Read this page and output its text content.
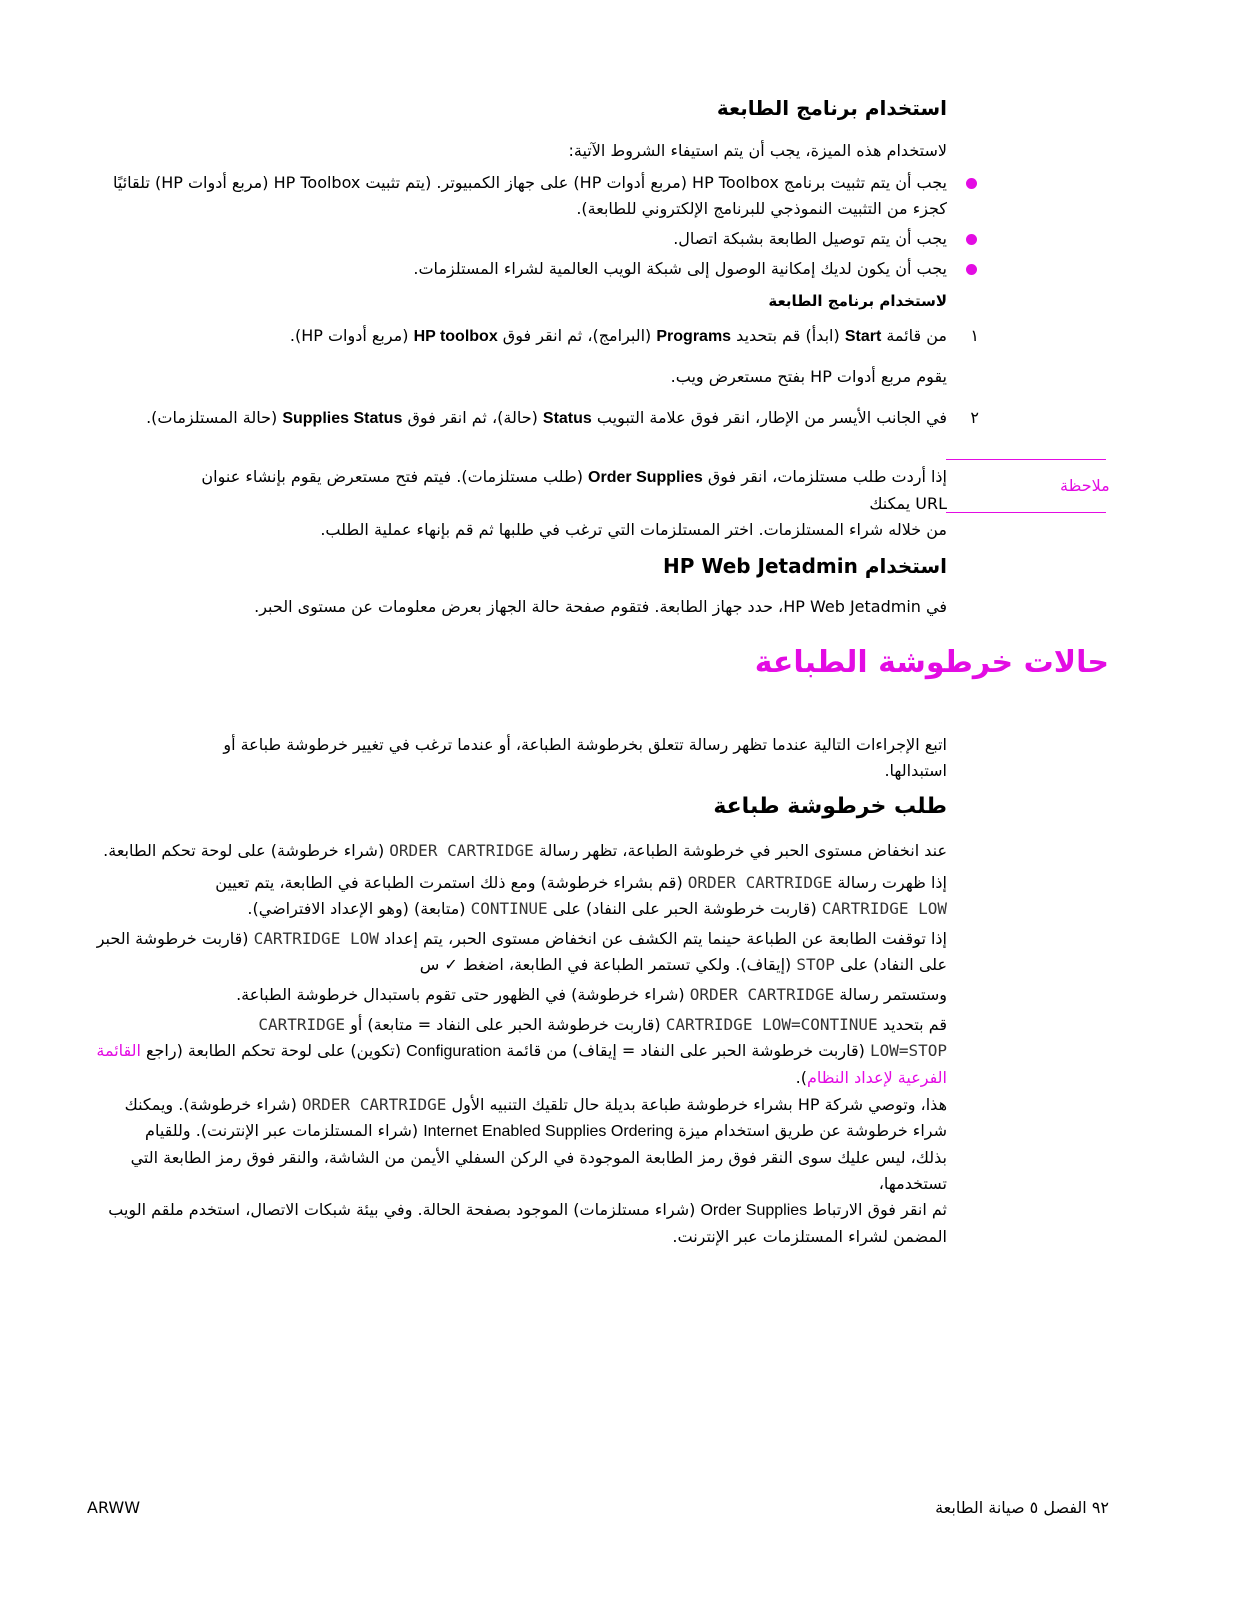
استخدام برنامج الطابعة

لاستخدام هذه الميزة، يجب أن يتم استيفاء الشروط الآتية:

يجب أن يتم تثبيت برنامج HP Toolbox (مربع أدوات HP) على جهاز الكمبيوتر. (يتم تثبيت HP Toolbox (مربع أدوات HP) تلقائيًا كجزء من التثبيت النموذجي للبرنامج الإلكتروني للطابعة).

يجب أن يتم توصيل الطابعة بشبكة اتصال.

يجب أن يكون لديك إمكانية الوصول إلى شبكة الويب العالمية لشراء المستلزمات.

لاستخدام برنامج الطابعة

١

من قائمة Start (ابدأ) قم بتحديد Programs (البرامج)، ثم انقر فوق HP toolbox (مربع أدوات HP).

يقوم مربع أدوات HP بفتح مستعرض ويب.

٢

في الجانب الأيسر من الإطار، انقر فوق علامة التبويب Status (حالة)، ثم انقر فوق Supplies Status (حالة المستلزمات).

ملاحظة

إذا أردت طلب مستلزمات، انقر فوق Order Supplies (طلب مستلزمات). فيتم فتح مستعرض يقوم بإنشاء عنوان URL يمكنك

من خلاله شراء المستلزمات. اختر المستلزمات التي ترغب في طلبها ثم قم بإنهاء عملية الطلب.

استخدام HP Web Jetadmin

في HP Web Jetadmin، حدد جهاز الطابعة. فتقوم صفحة حالة الجهاز بعرض معلومات عن مستوى الحبر.

حالات خرطوشة الطباعة

اتبع الإجراءات التالية عندما تظهر رسالة تتعلق بخرطوشة الطباعة، أو عندما ترغب في تغيير خرطوشة طباعة أو استبدالها.

طلب خرطوشة طباعة

عند انخفاض مستوى الحبر في خرطوشة الطباعة، تظهر رسالة ORDER CARTRIDGE (شراء خرطوشة) على لوحة تحكم الطابعة.

إذا ظهرت رسالة ORDER CARTRIDGE (قم بشراء خرطوشة) ومع ذلك استمرت الطباعة في الطابعة، يتم تعيين

CARTRIDGE LOW (قاربت خرطوشة الحبر على النفاد) على CONTINUE (متابعة) (وهو الإعداد الافتراضي).

إذا توقفت الطابعة عن الطباعة حينما يتم الكشف عن انخفاض مستوى الحبر، يتم إعداد CARTRIDGE LOW (قاربت خرطوشة الحبر

على النفاد) على STOP (إيقاف). ولكي تستمر الطباعة في الطابعة، اضغط ✓ س

وستستمر رسالة ORDER CARTRIDGE (شراء خرطوشة) في الظهور حتى تقوم باستبدال خرطوشة الطباعة.

قم بتحديد CARTRIDGE LOW=CONTINUE (قاربت خرطوشة الحبر على النفاد = متابعة) أو CARTRIDGE

LOW=STOP (قاربت خرطوشة الحبر على النفاد = إيقاف) من قائمة Configuration (تكوين) على لوحة تحكم الطابعة (راجع القائمة

الفرعية لإعداد النظام).

هذا، وتوصي شركة HP بشراء خرطوشة طباعة بديلة حال تلقيك التنبيه الأول ORDER CARTRIDGE (شراء خرطوشة). ويمكنك

شراء خرطوشة عن طريق استخدام ميزة Internet Enabled Supplies Ordering (شراء المستلزمات عبر الإنترنت). وللقيام

بذلك، ليس عليك سوى النقر فوق رمز الطابعة الموجودة في الركن السفلي الأيمن من الشاشة، والنقر فوق رمز الطابعة التي تستخدمها،

ثم انقر فوق الارتباط Order Supplies (شراء مستلزمات) الموجود بصفحة الحالة. وفي بيئة شبكات الاتصال، استخدم ملقم الويب

المضمن لشراء المستلزمات عبر الإنترنت.

ARWW	٩٢ الفصل ٥ صيانة الطابعة
